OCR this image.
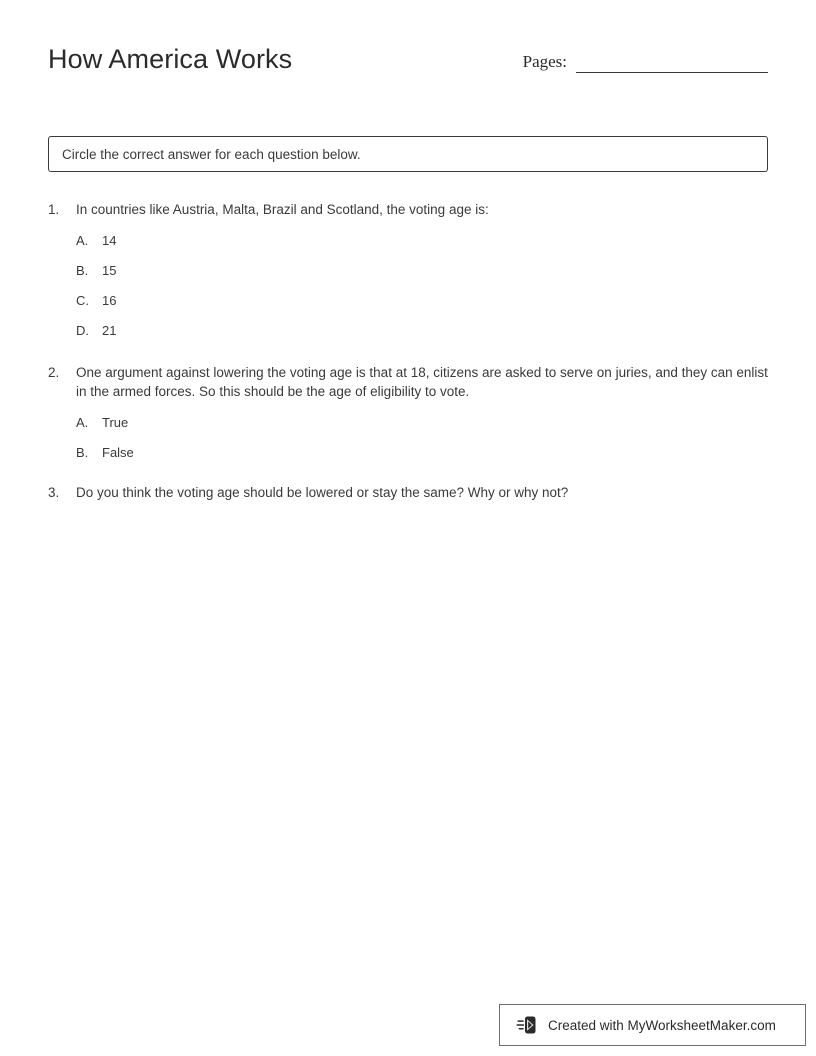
How America Works	Pages:
Circle the correct answer for each question below.
1.	In countries like Austria, Malta, Brazil and Scotland, the voting age is:
A.	14
B.	15
C.	16
D.	21
2.	One argument against lowering the voting age is that at 18, citizens are asked to serve on juries, and they can enlist in the armed forces. So this should be the age of eligibility to vote.
A.	True
B.	False
3.	Do you think the voting age should be lowered or stay the same? Why or why not?
Created with MyWorksheetMaker.com
